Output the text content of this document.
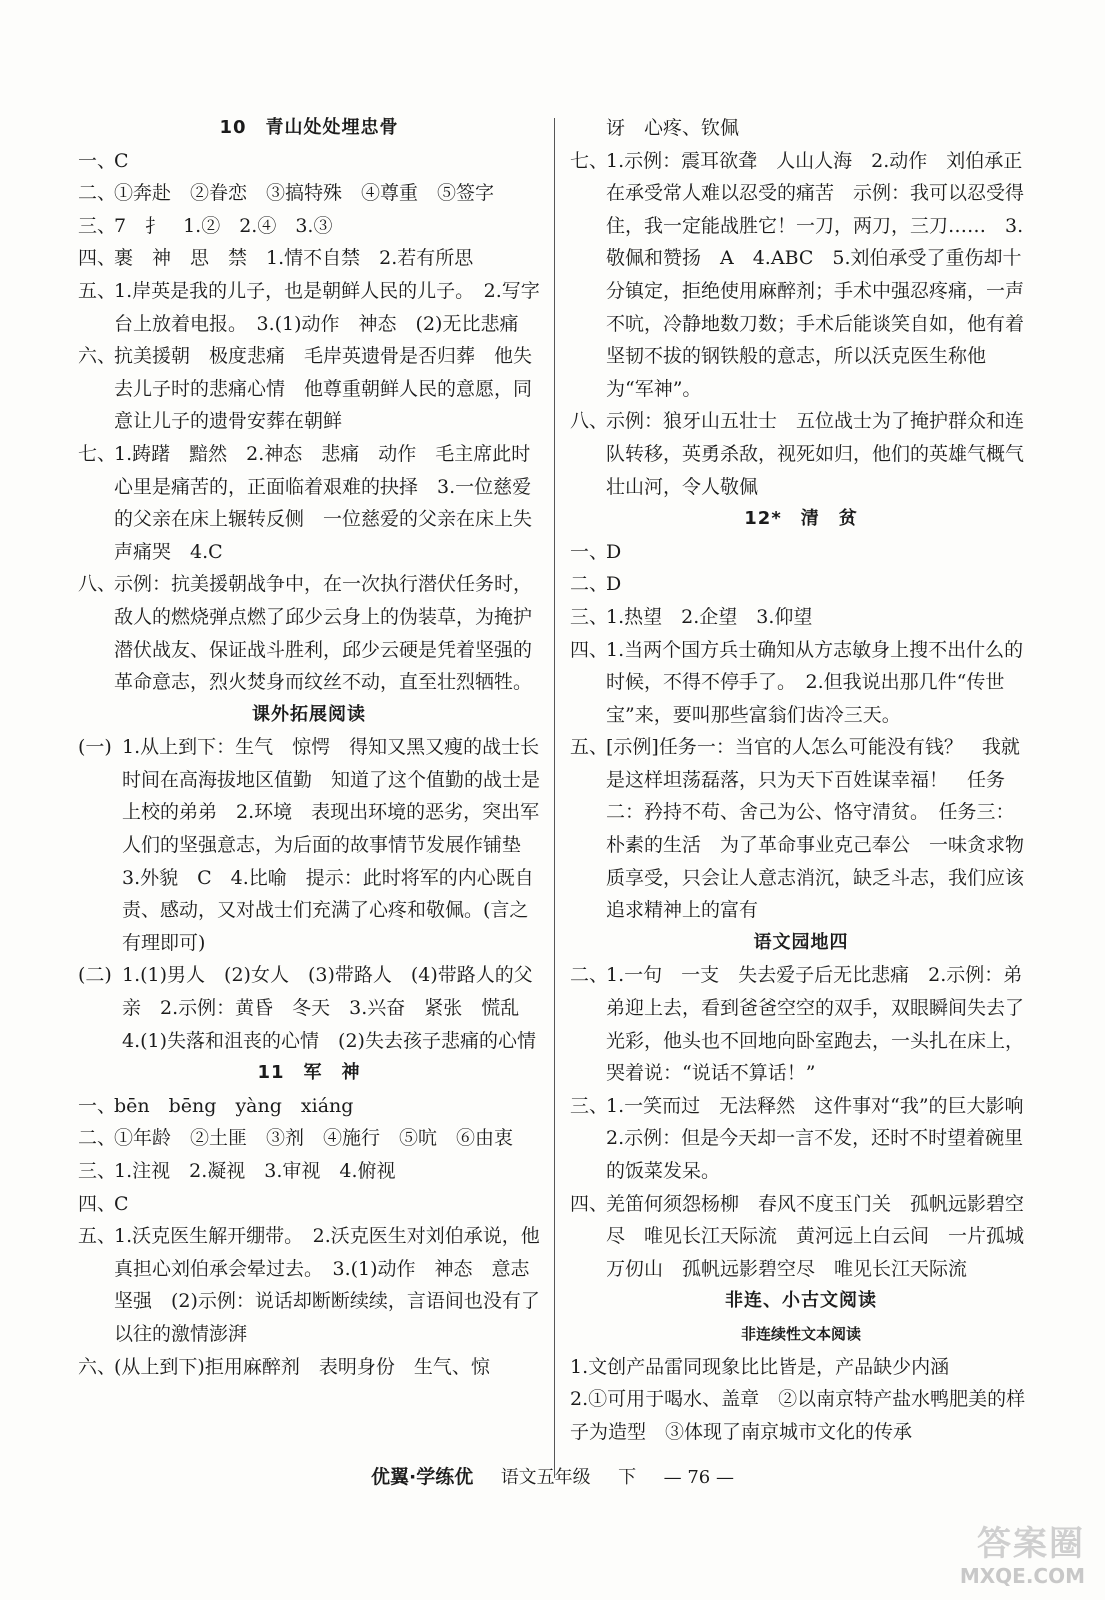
10　青山处处埋忠骨
一、
C
二、
①奔赴　②眷恋　③搞特殊　④尊重　⑤签字
三、
7　扌　1.②　2.④　3.③
四、
裹　神　思　禁　1.情不自禁　2.若有所思
五、
1.岸英是我的儿子，也是朝鲜人民的儿子。　2.写字台上放着电报。　3.(1)动作　神态　(2)无比悲痛
六、
抗美援朝　极度悲痛　毛岸英遗骨是否归葬　他失去儿子时的悲痛心情　他尊重朝鲜人民的意愿，同意让儿子的遗骨安葬在朝鲜
七、
1.踌躇　黯然　2.神态　悲痛　动作　毛主席此时心里是痛苦的，正面临着艰难的抉择　3.一位慈爱的父亲在床上辗转反侧　一位慈爱的父亲在床上失声痛哭　4.C
八、
示例：抗美援朝战争中，在一次执行潜伏任务时，敌人的燃烧弹点燃了邱少云身上的伪装草，为掩护潜伏战友、保证战斗胜利，邱少云硬是凭着坚强的革命意志，烈火焚身而纹丝不动，直至壮烈牺牲。
课外拓展阅读
(一) 1.从上到下：生气　惊愕　得知又黑又瘦的战士长时间在高海拔地区值勤　知道了这个值勤的战士是上校的弟弟　2.环境　表现出环境的恶劣，突出军人们的坚强意志，为后面的故事情节发展作铺垫　3.外貌　C　4.比喻　提示：此时将军的内心既自责、感动，又对战士们充满了心疼和敬佩。(言之有理即可)
(二) 1.(1)男人　(2)女人　(3)带路人　(4)带路人的父亲　2.示例：黄昏　冬天　3.兴奋　紧张　慌乱　4.(1)失落和沮丧的心情　(2)失去孩子悲痛的心情
11　军　神
一、
bēn　bēng　yàng　xiáng
二、
①年龄　②土匪　③剂　④施行　⑤吭　⑥由衷
三、
1.注视　2.凝视　3.审视　4.俯视
四、
C
五、
1.沃克医生解开绷带。　2.沃克医生对刘伯承说，他真担心刘伯承会晕过去。　3.(1)动作　神态　意志坚强　(2)示例：说话却断断续续，言语间也没有了以往的激情澎湃
六、
(从上到下)拒用麻醉剂　表明身份　生气、惊
讶　心疼、钦佩
七、
1.示例：震耳欲聋　人山人海　2.动作　刘伯承正在承受常人难以忍受的痛苦　示例：我可以忍受得住，我一定能战胜它！一刀，两刀，三刀……　3.敬佩和赞扬　A　4.ABC　5.刘伯承受了重伤却十分镇定，拒绝使用麻醉剂；手术中强忍疼痛，一声不吭，冷静地数刀数；手术后能谈笑自如，他有着坚韧不拔的钢铁般的意志，所以沃克医生称他为“军神”。
八、
示例：狼牙山五壮士　五位战士为了掩护群众和连队转移，英勇杀敌，视死如归，他们的英雄气概气壮山河，令人敬佩
12*　清　贫
一、
D
二、
D
三、
1.热望　2.企望　3.仰望
四、
1.当两个国方兵士确知从方志敏身上搜不出什么的时候，不得不停手了。　2.但我说出那几件“传世宝”来，要叫那些富翁们齿冷三天。
五、
[示例]任务一：当官的人怎么可能没有钱？　我就是这样坦荡磊落，只为天下百姓谋幸福！　任务二：矜持不苟、舍己为公、恪守清贫。　任务三：朴素的生活　为了革命事业克己奉公　一味贪求物质享受，只会让人意志消沉，缺乏斗志，我们应该追求精神上的富有
语文园地四
二、
1.一句　一支　失去爱子后无比悲痛　2.示例：弟弟迎上去，看到爸爸空空的双手，双眼瞬间失去了光彩，他头也不回地向卧室跑去，一头扎在床上，哭着说：“说话不算话！”
三、
1.一笑而过　无法释然　这件事对“我”的巨大影响　2.示例：但是今天却一言不发，还时不时望着碗里的饭菜发呆。
四、
羌笛何须怨杨柳　春风不度玉门关　孤帆远影碧空尽　唯见长江天际流　黄河远上白云间　一片孤城万仞山　孤帆远影碧空尽　唯见长江天际流
非连、小古文阅读
非连续性文本阅读
1.文创产品雷同现象比比皆是，产品缺少内涵
2.①可用于喝水、盖章　②以南京特产盐水鸭肥美的样子为造型　③体现了南京城市文化的传承
优翼·学练优 语文五年级 下 — 76 —
答案圈
MXQE.COM
